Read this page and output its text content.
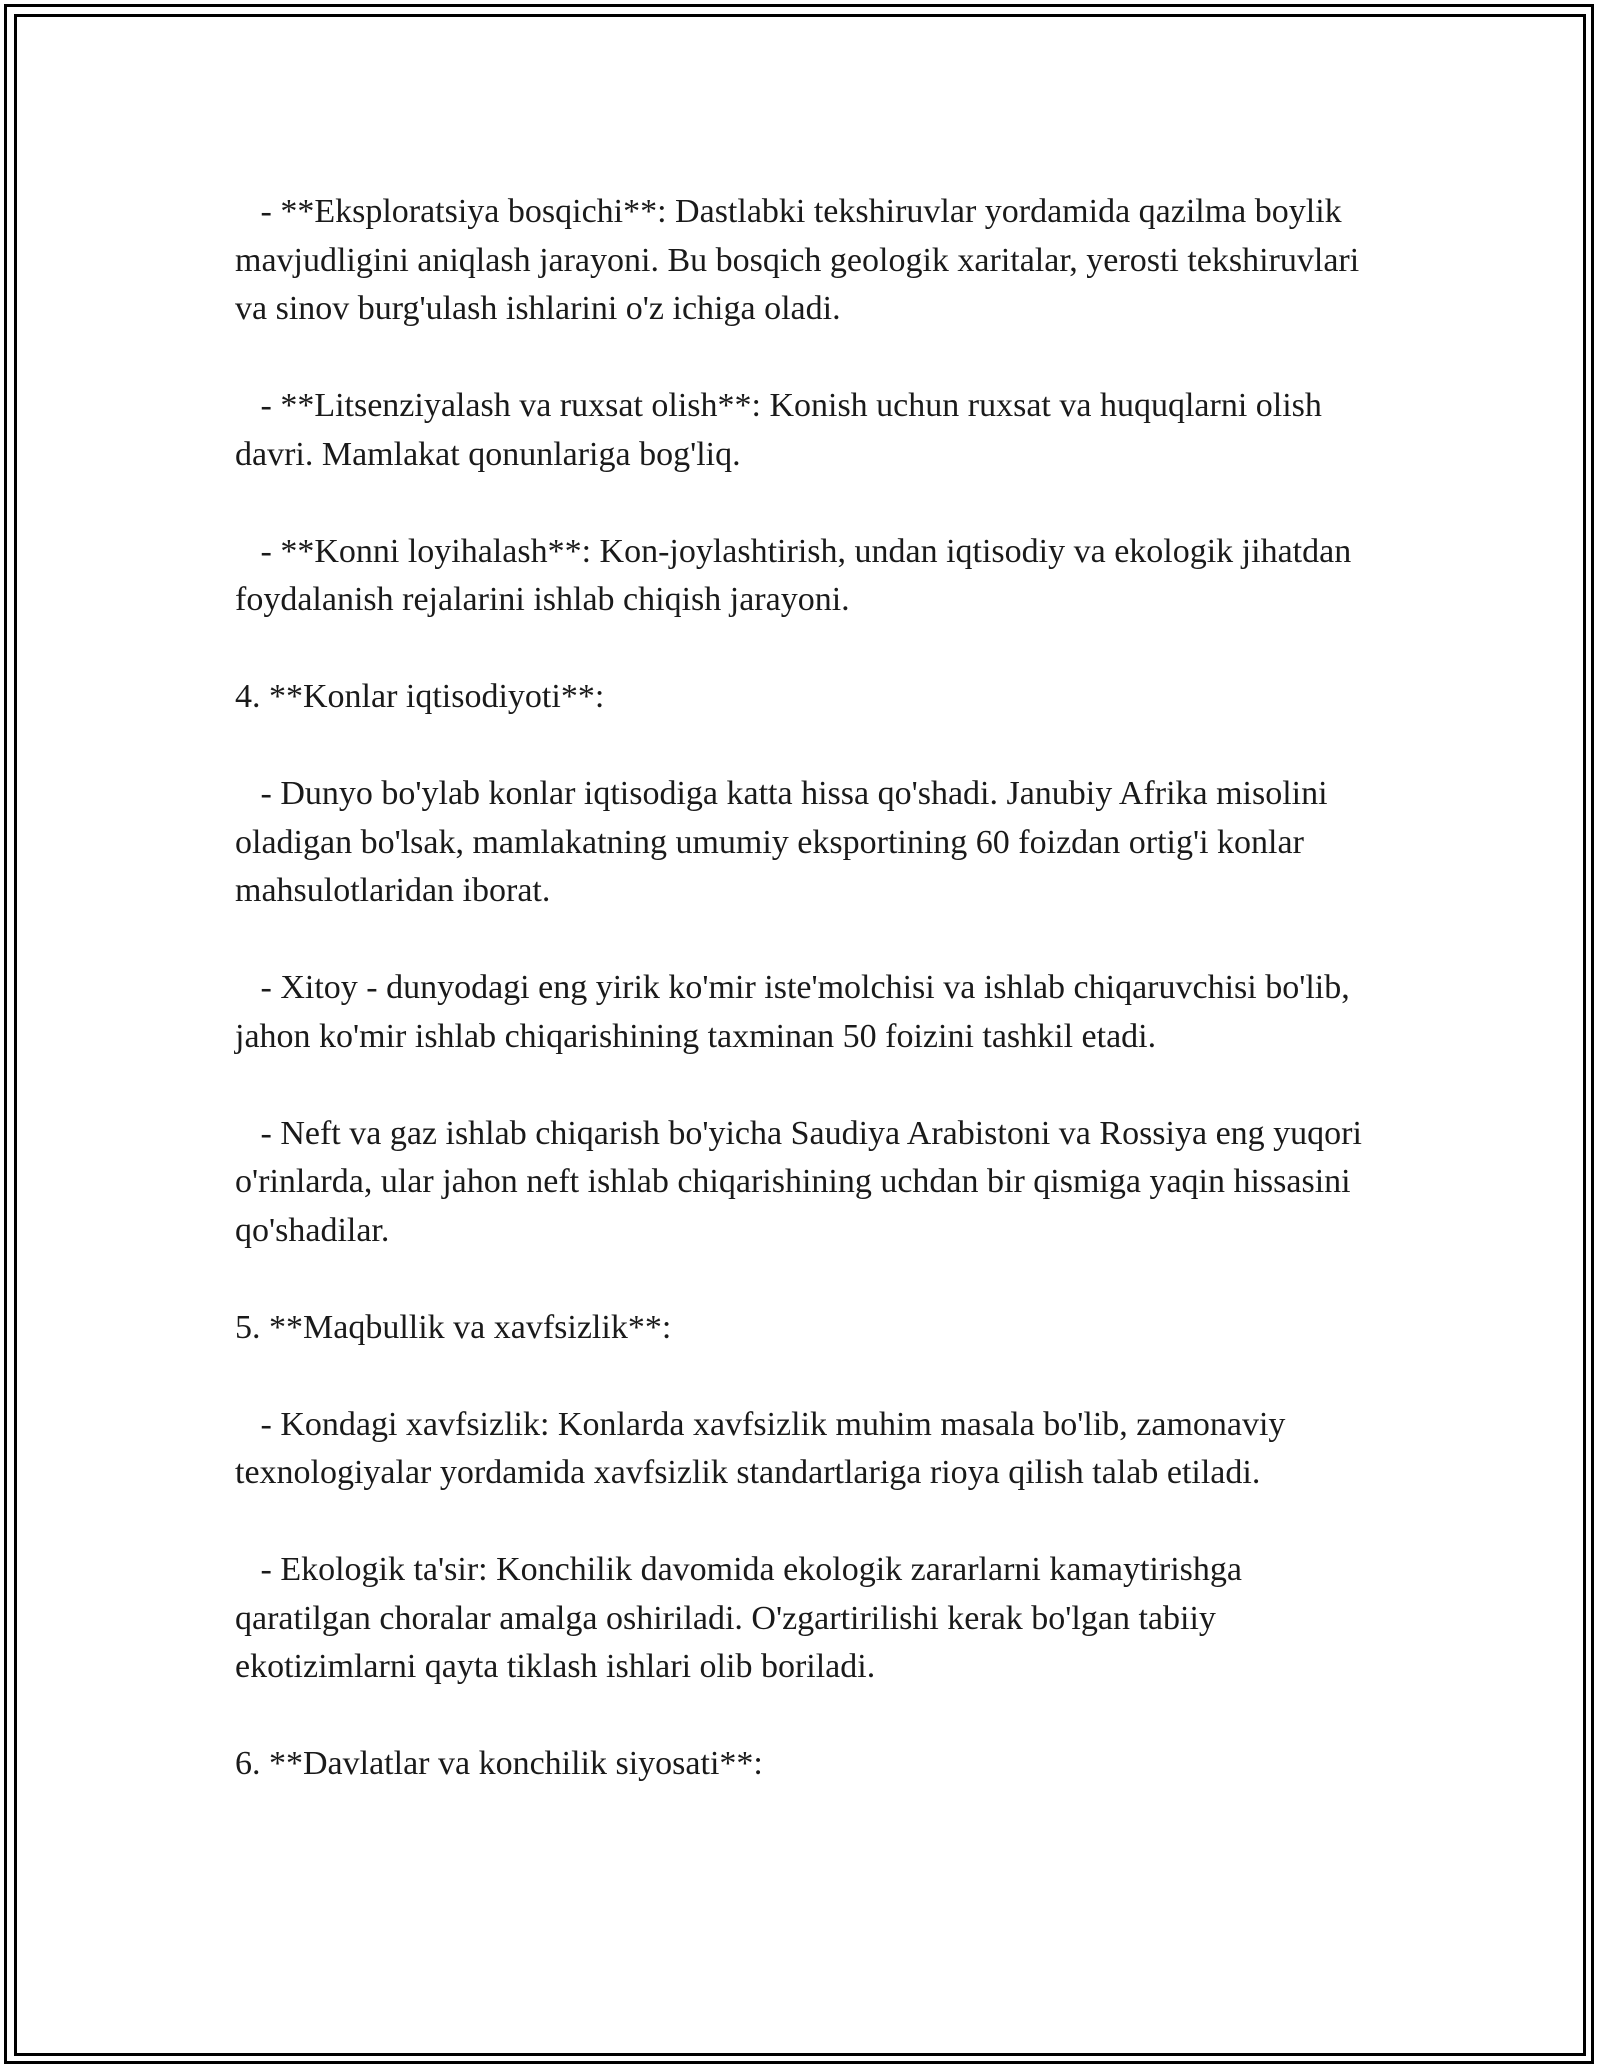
- **Eksploratsiya bosqichi**: Dastlabki tekshiruvlar yordamida qazilma boylik mavjudligini aniqlash jarayoni. Bu bosqich geologik xaritalar, yerosti tekshiruvlari va sinov burg'ulash ishlarini o'z ichiga oladi.

- **Litsenziyalash va ruxsat olish**: Konish uchun ruxsat va huquqlarni olish davri. Mamlakat qonunlariga bog'liq.

- **Konni loyihalash**: Kon-joylashtirish, undan iqtisodiy va ekologik jihatdan foydalanish rejalarini ishlab chiqish jarayoni.

4. **Konlar iqtisodiyoti**:

- Dunyo bo'ylab konlar iqtisodiga katta hissa qo'shadi. Janubiy Afrika misolini oladigan bo'lsak, mamlakatning umumiy eksportining 60 foizdan ortig'i konlar mahsulotlaridan iborat.

- Xitoy - dunyodagi eng yirik ko'mir iste'molchisi va ishlab chiqaruvchisi bo'lib, jahon ko'mir ishlab chiqarishining taxminan 50 foizini tashkil etadi.

- Neft va gaz ishlab chiqarish bo'yicha Saudiya Arabistoni va Rossiya eng yuqori o'rinlarda, ular jahon neft ishlab chiqarishining uchdan bir qismiga yaqin hissasini qo'shadilar.

5. **Maqbullik va xavfsizlik**:

- Kondagi xavfsizlik: Konlarda xavfsizlik muhim masala bo'lib, zamonaviy texnologiyalar yordamida xavfsizlik standartlariga rioya qilish talab etiladi.

- Ekologik ta'sir: Konchilik davomida ekologik zararlarni kamaytirishga qaratilgan choralar amalga oshiriladi. O'zgartirilishi kerak bo'lgan tabiiy ekotizimlarni qayta tiklash ishlari olib boriladi.

6. **Davlatlar va konchilik siyosati**:
